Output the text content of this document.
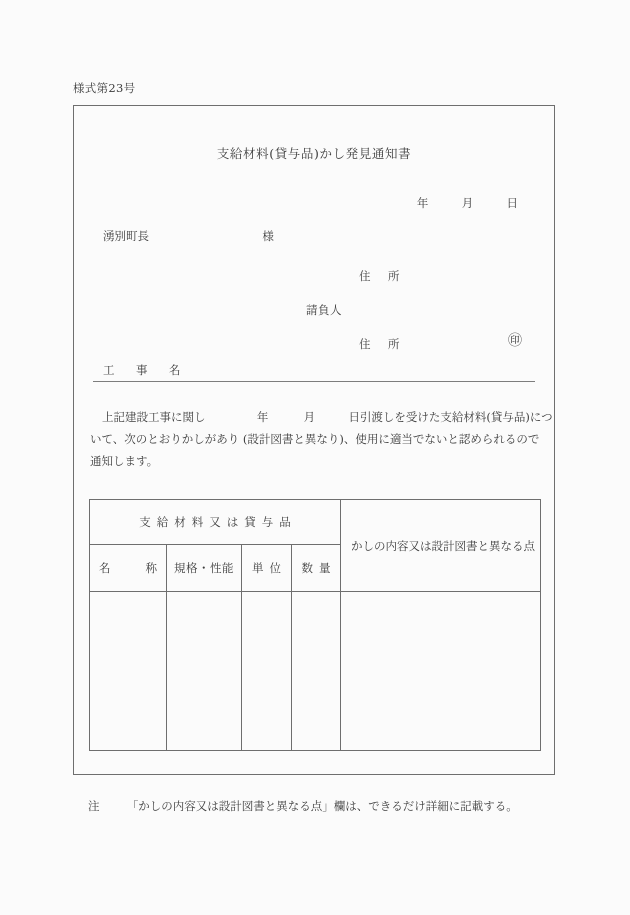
様式第23号
支給材料(貸与品)かし発見通知書
年	月	日
湧別町長	様
住　所
請負人
住　所	㊞
工　事　名
上記建設工事に関し	年	月	日引渡しを受けた支給材料(貸与品)につ
いて、次のとおりかしがあり (設計図書と異なり)、使用に適当でないと認められるので
通知します。
支給材料又は貸与品				かしの内容又は設計図書と異なる点

名 称	規格・性能	単位	数量	

注 「かしの内容又は設計図書と異なる点」欄は、できるだけ詳細に記載する。
